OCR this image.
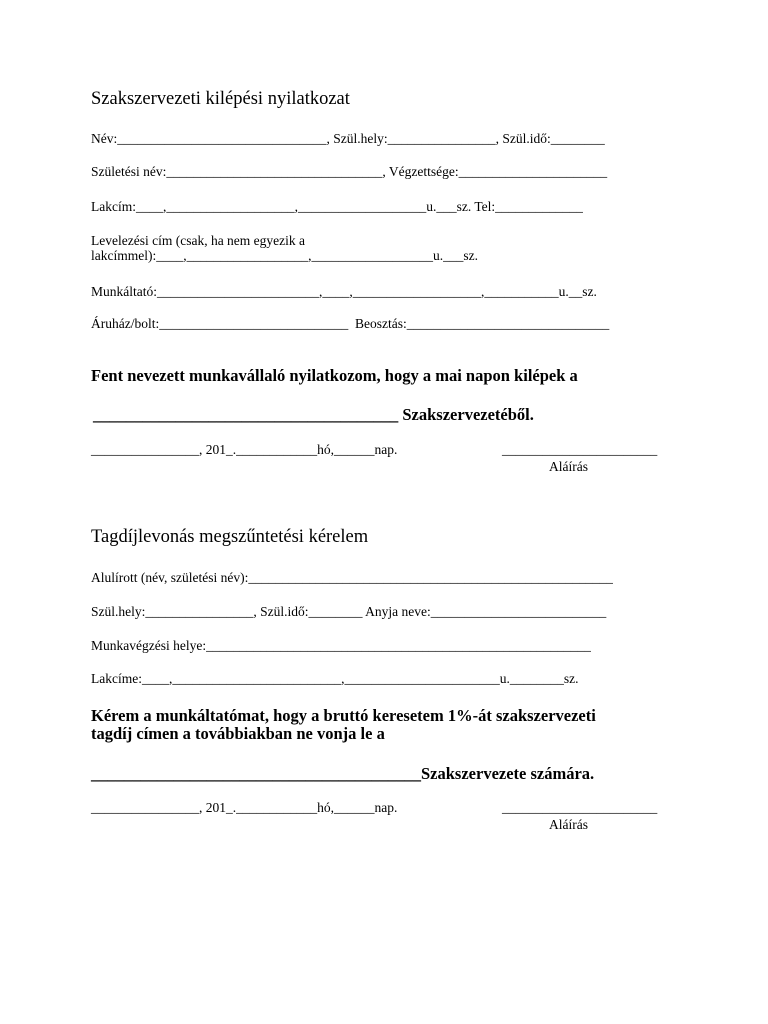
Szakszervezeti kilépési nyilatkozat
Név:_______________________________, Szül.hely:________________, Szül.idő:________
Születési név:________________________________, Végzettsége:______________________
Lakcím:____,___________________,___________________u.___sz. Tel:_____________
Levelezési cím (csak, ha nem egyezik a
lakcímmel):____,__________________,__________________u.___sz.
Munkáltató:________________________,____,___________________,___________u.__sz.
Áruház/bolt:____________________________  Beosztás:______________________________
Fent nevezett munkavállaló nyilatkozom, hogy a mai napon kilépek a
_____________________________________ Szakszervezetéből.
________________, 201_.____________hó,______nap.	_______________________
Aláírás
Tagdíjlevonás megszűntetési kérelem
Alulírott (név, születési név):______________________________________________________
Szül.hely:________________, Szül.idő:________ Anyja neve:__________________________
Munkavégzési helye:_________________________________________________________
Lakcíme:____,_________________________,_______________________u.________sz.
Kérem a munkáltatómat, hogy a bruttó keresetem 1%-át szakszervezeti
tagdíj címen a továbbiakban ne vonja le a
________________________________________Szakszervezete számára.
________________, 201_.____________hó,______nap.	_______________________
Aláírás
